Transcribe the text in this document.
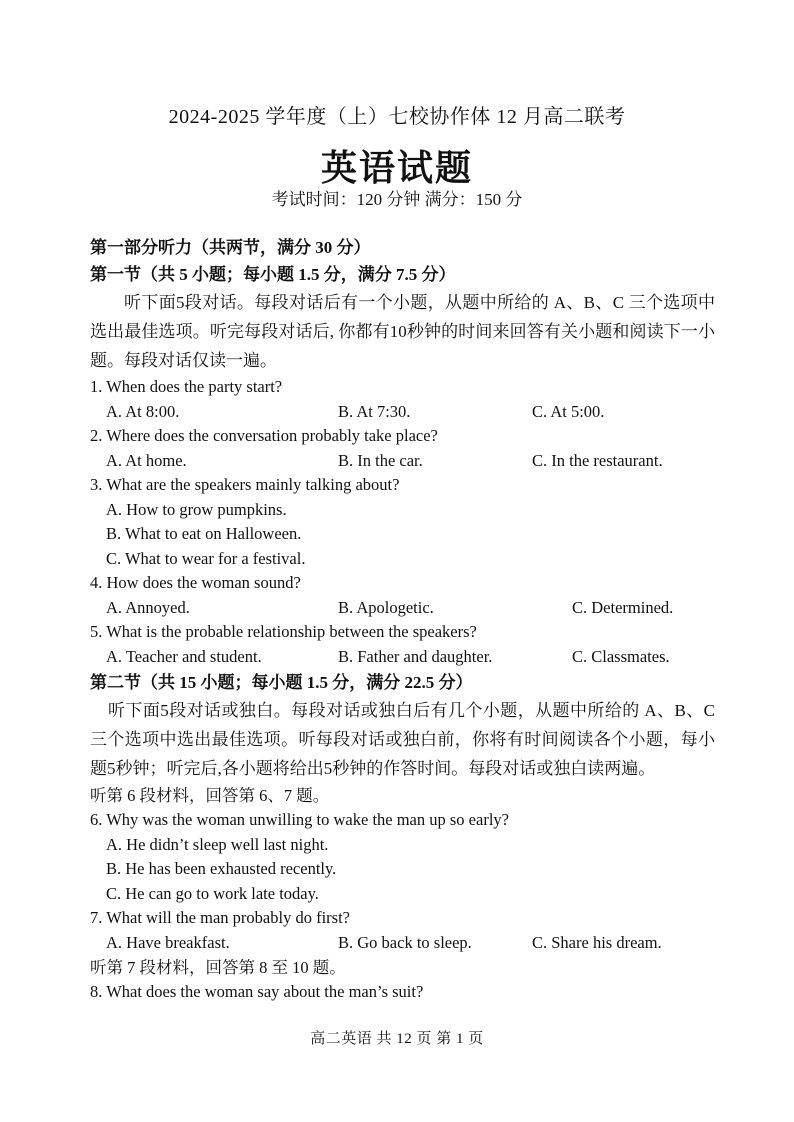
2024-2025 学年度（上）七校协作体 12 月高二联考
英语试题
考试时间：120 分钟 满分：150 分
第一部分听力（共两节，满分 30 分）
第一节（共 5 小题；每小题 1.5 分，满分 7.5 分）
听下面5段对话。每段对话后有一个小题，从题中所给的 A、B、C 三个选项中选出最佳选项。听完每段对话后, 你都有10秒钟的时间来回答有关小题和阅读下一小题。每段对话仅读一遍。
1. When does the party start?
A. At 8:00.	B. At 7:30.	C. At 5:00.
2. Where does the conversation probably take place?
A. At home.	B. In the car.	C. In the restaurant.
3. What are the speakers mainly talking about?
A. How to grow pumpkins.
B. What to eat on Halloween.
C. What to wear for a festival.
4. How does the woman sound?
A. Annoyed.	B. Apologetic.	C. Determined.
5. What is the probable relationship between the speakers?
A. Teacher and student.	B. Father and daughter.	C. Classmates.
第二节（共 15 小题；每小题 1.5 分，满分 22.5 分）
听下面5段对话或独白。每段对话或独白后有几个小题，从题中所给的 A、B、C 三个选项中选出最佳选项。听每段对话或独白前，你将有时间阅读各个小题，每小题5秒钟；听完后,各小题将给出5秒钟的作答时间。每段对话或独白读两遍。
听第 6 段材料，回答第 6、7 题。
6. Why was the woman unwilling to wake the man up so early?
A. He didn’t sleep well last night.
B. He has been exhausted recently.
C. He can go to work late today.
7. What will the man probably do first?
A. Have breakfast.	B. Go back to sleep.	C. Share his dream.
听第 7 段材料，回答第 8 至 10 题。
8. What does the woman say about the man’s suit?
高二英语 共 12 页 第 1 页
